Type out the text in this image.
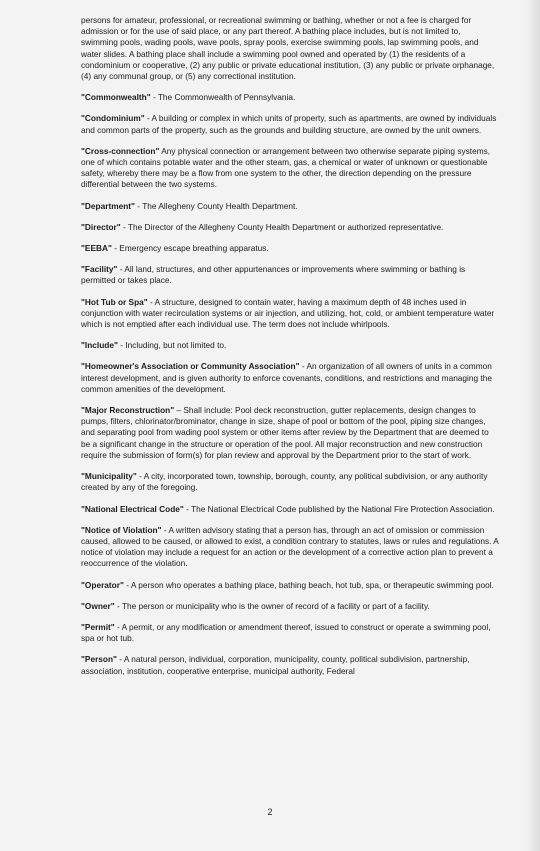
persons for amateur, professional, or recreational swimming or bathing, whether or not a fee is charged for admission or for the use of said place, or any part thereof. A bathing place includes, but is not limited to, swimming pools, wading pools, wave pools, spray pools, exercise swimming pools, lap swimming pools, and water slides. A bathing place shall include a swimming pool owned and operated by (1) the residents of a condominium or cooperative, (2) any public or private educational institution, (3) any public or private orphanage, (4) any communal group, or (5) any correctional institution.

"Commonwealth" - The Commonwealth of Pennsylvania.

"Condominium" - A building or complex in which units of property, such as apartments, are owned by individuals and common parts of the property, such as the grounds and building structure, are owned by the unit owners.

"Cross-connection" Any physical connection or arrangement between two otherwise separate piping systems, one of which contains potable water and the other steam, gas, a chemical or water of unknown or questionable safety, whereby there may be a flow from one system to the other, the direction depending on the pressure differential between the two systems.

"Department" - The Allegheny County Health Department.

"Director" - The Director of the Allegheny County Health Department or authorized representative.

"EEBA" - Emergency escape breathing apparatus.

"Facility" - All land, structures, and other appurtenances or improvements where swimming or bathing is permitted or takes place.

"Hot Tub or Spa" - A structure, designed to contain water, having a maximum depth of 48 inches used in conjunction with water recirculation systems or air injection, and utilizing, hot, cold, or ambient temperature water which is not emptied after each individual use. The term does not include whirlpools.

"Include" - Including, but not limited to.

"Homeowner's Association or Community Association" - An organization of all owners of units in a common interest development, and is given authority to enforce covenants, conditions, and restrictions and managing the common amenities of the development.

"Major Reconstruction" – Shall include: Pool deck reconstruction, gutter replacements, design changes to pumps, filters, chlorinator/brominator, change in size, shape of pool or bottom of the pool, piping size changes, and separating pool from wading pool system or other items after review by the Department that are deemed to be a significant change in the structure or operation of the pool. All major reconstruction and new construction require the submission of form(s) for plan review and approval by the Department prior to the start of work.

"Municipality" - A city, incorporated town, township, borough, county, any political subdivision, or any authority created by any of the foregoing.

"National Electrical Code" - The National Electrical Code published by the National Fire Protection Association.

"Notice of Violation" - A written advisory stating that a person has, through an act of omission or commission caused, allowed to be caused, or allowed to exist, a condition contrary to statutes, laws or rules and regulations. A notice of violation may include a request for an action or the development of a corrective action plan to prevent a reoccurrence of the violation.

"Operator" - A person who operates a bathing place, bathing beach, hot tub, spa, or therapeutic swimming pool.

"Owner" - The person or municipality who is the owner of record of a facility or part of a facility.

"Permit" - A permit, or any modification or amendment thereof, issued to construct or operate a swimming pool, spa or hot tub.

"Person" - A natural person, individual, corporation, municipality, county, political subdivision, partnership, association, institution, cooperative enterprise, municipal authority, Federal

2
